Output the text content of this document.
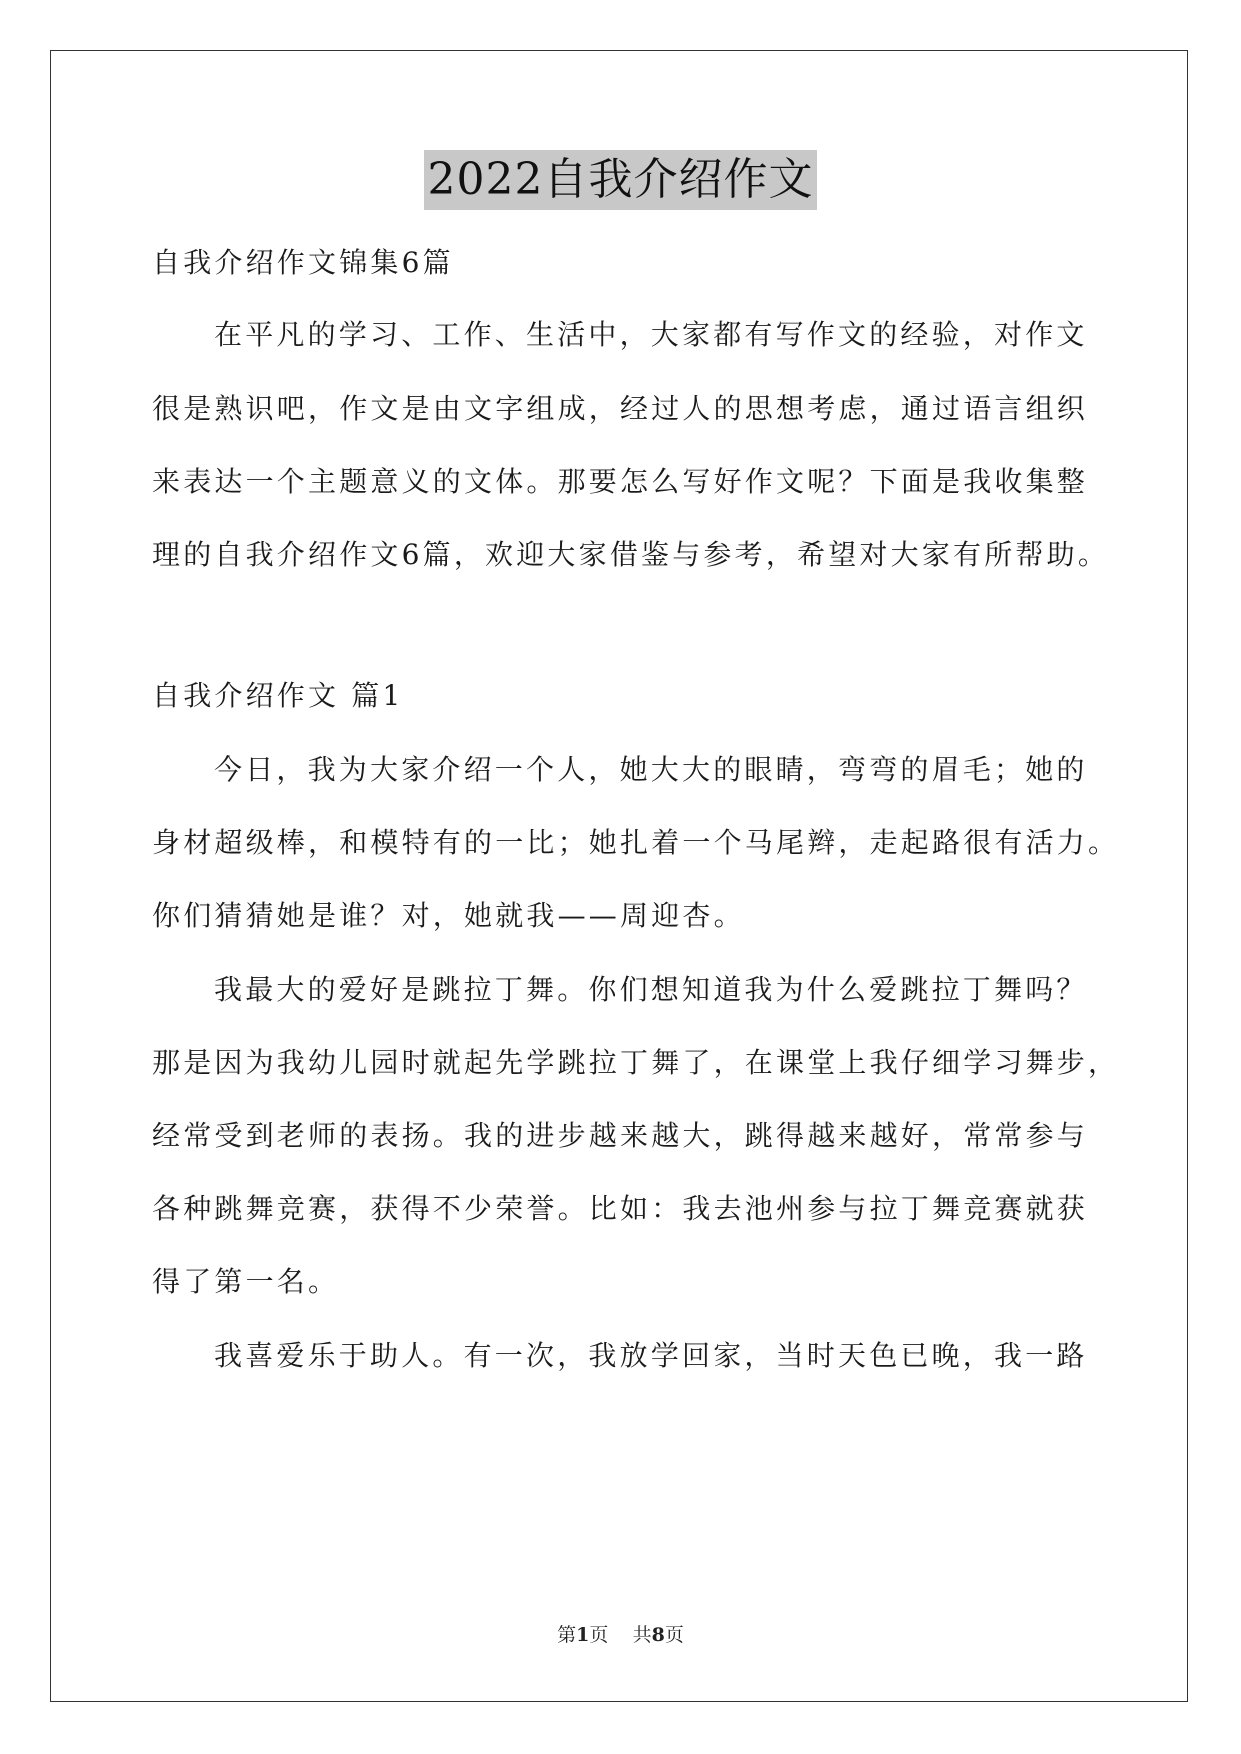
2022自我介绍作文
自我介绍作文锦集6篇
在平凡的学习、工作、生活中，大家都有写作文的经验，对作文
很是熟识吧，作文是由文字组成，经过人的思想考虑，通过语言组织
来表达一个主题意义的文体。那要怎么写好作文呢？下面是我收集整
理的自我介绍作文6篇，欢迎大家借鉴与参考，希望对大家有所帮助。
自我介绍作文 篇1
今日，我为大家介绍一个人，她大大的眼睛，弯弯的眉毛；她的
身材超级棒，和模特有的一比；她扎着一个马尾辫，走起路很有活力。
你们猜猜她是谁？对，她就我——周迎杏。
我最大的爱好是跳拉丁舞。你们想知道我为什么爱跳拉丁舞吗？
那是因为我幼儿园时就起先学跳拉丁舞了，在课堂上我仔细学习舞步，
经常受到老师的表扬。我的进步越来越大，跳得越来越好，常常参与
各种跳舞竞赛，获得不少荣誉。比如：我去池州参与拉丁舞竞赛就获
得了第一名。
我喜爱乐于助人。有一次，我放学回家，当时天色已晚，我一路
第1页 共8页
